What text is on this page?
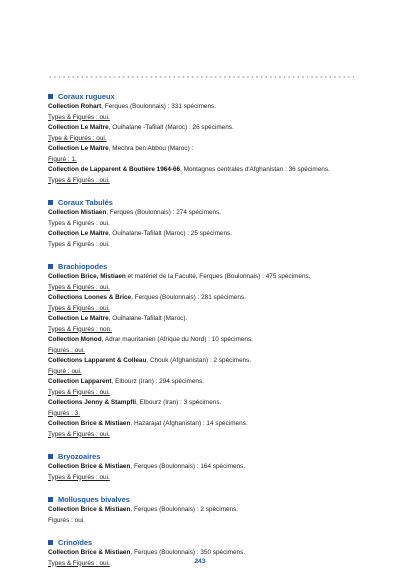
Coraux rugueux
Collection Rohart, Ferques (Boulonnais) : 331 spécimens.
Types & Figurés : oui.
Collection Le Maître, Ouihalane -Tafilalt (Maroc) : 26 spécimens.
Type & Figurés : oui.
Collection Le Maître, Mechra ben Abbou (Maroc) :
Figuré : 1.
Collection de Lapparent & Boutière 1964-66, Montagnes centrales d'Afghanistan : 36 spécimens.
Types & Figurés : oui.
Coraux Tabulés
Collection Mistiaen, Ferques (Boulonnais) : 274 spécimens.
Types & Figurés : oui.
Collection Le Maître, Ouihalane-Tafilalt (Maroc) : 25 spécimens.
Types & Figurés : oui.
Brachiopodes
Collection Brice, Mistiaen et matériel de la Faculté, Ferques (Boulonnais) : 475 spécimens.
Types & Figurés : oui.
Collections Loones & Brice, Ferques (Boulonnais) : 281 spécimens.
Types & Figurés : oui.
Collection Le Maître, Ouihalane-Tafilalt (Maroc).
Types & Figurés : non.
Collection Monod, Adrar mauritanien (Afrique du Nord) : 10 spécimens.
Figurés : oui.
Collections Lapparent & Colleau, Chouk (Afghanistan) : 2 spécimens.
Figuré : oui.
Collection Lapparent, Elbourz (Iran) : 294 spécimens.
Types & Figurés : oui.
Collections Jenny & Stampfli, Elbourz (Iran) : 3 spécimens.
Figurés : 3.
Collection Brice & Mistiaen, Hazarajat (Afghanistan) : 14 spécimens.
Types & Figurés : oui.
Bryozoaires
Collection Brice & Mistiaen, Ferques (Boulonnais) : 164 spécimens.
Types & Figurés : oui.
Mollusques bivalves
Collection Brice & Mistiaen, Ferques (Boulonnais) : 2 spécimens.
Figurés : oui.
Crinoïdes
Collection Brice & Mistiaen, Ferques (Boulonnais) : 350 spécimens.
Types & Figurés : oui.	243
